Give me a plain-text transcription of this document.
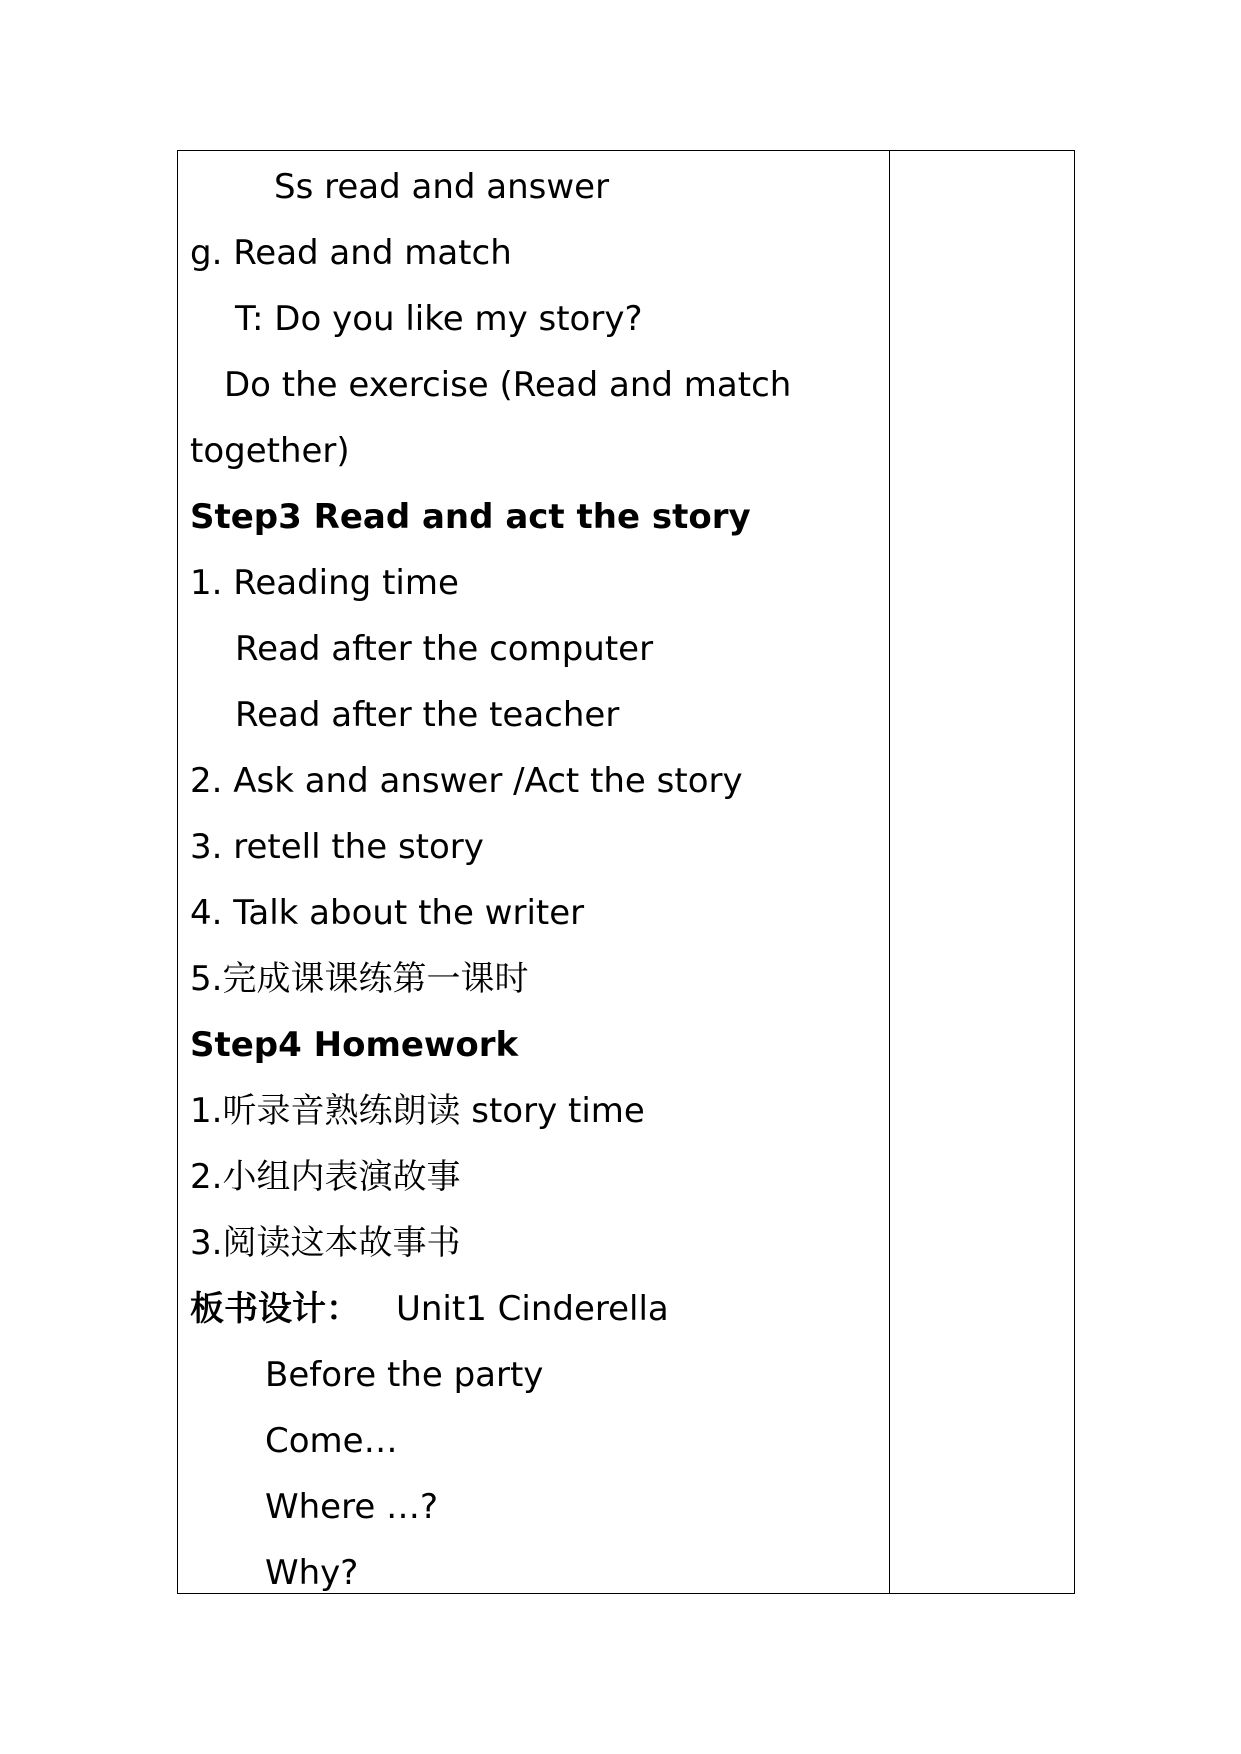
Ss read and answer
g. Read and match
T: Do you like my story?
Do the exercise (Read and match
together)
Step3 Read and act the story
1. Reading time
Read after the computer
Read after the teacher
2. Ask and answer /Act the story
3. retell the story
4. Talk about the writer
5.完成课课练第一课时
Step4 Homework
1.听录音熟练朗读 story time
2.小组内表演故事
3.阅读这本故事书
板书设计： Unit1 Cinderella
Before the party
Come…
Where …?
Why?
